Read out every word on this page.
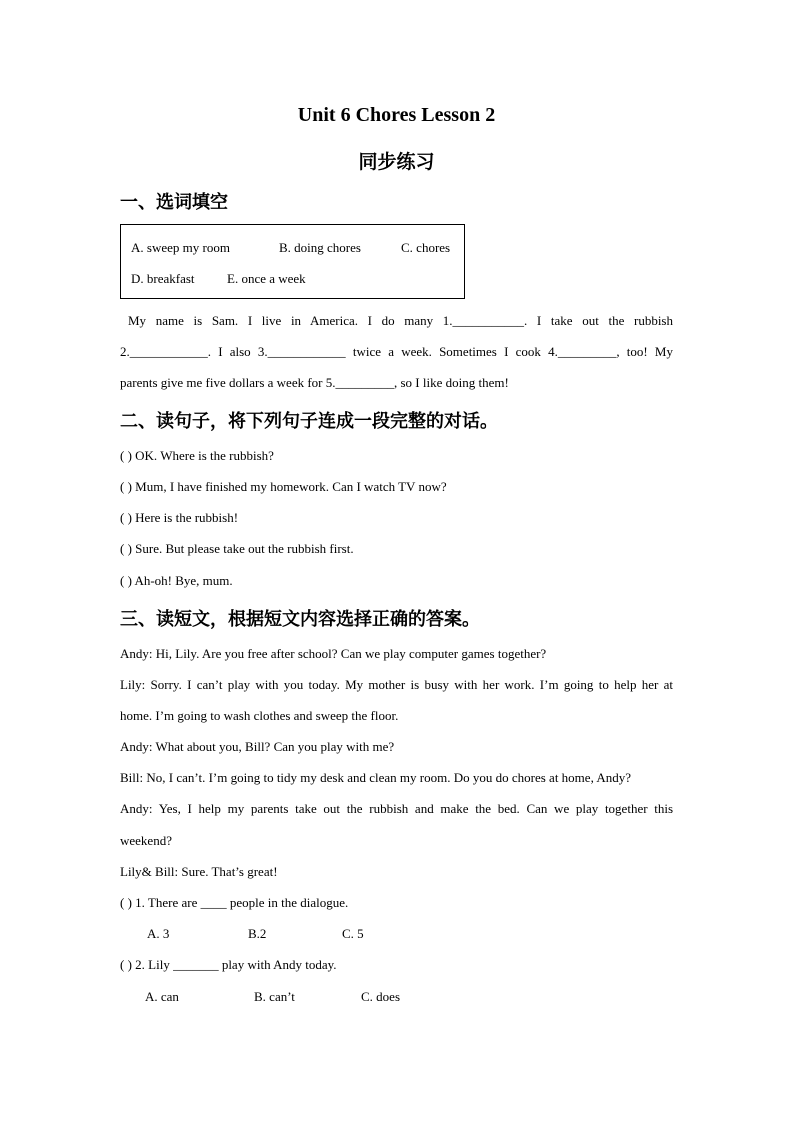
Unit 6 Chores Lesson 2
同步练习
一、选词填空
A. sweep my room	B. doing chores	C. chores
D. breakfast E. once a week
My name is Sam. I live in America. I do many 1.___________. I take out the rubbish
2.____________. I also 3.____________ twice a week. Sometimes I cook 4._________, too! My
parents give me five dollars a week for 5._________, so I like doing them!
二、读句子，将下列句子连成一段完整的对话。
( ) OK. Where is the rubbish?
( ) Mum, I have finished my homework. Can I watch TV now?
( ) Here is the rubbish!
( ) Sure. But please take out the rubbish first.
( ) Ah-oh! Bye, mum.
三、读短文，根据短文内容选择正确的答案。
Andy: Hi, Lily. Are you free after school? Can we play computer games together?
Lily: Sorry. I can’t play with you today. My mother is busy with her work. I’m going to help her at
home. I’m going to wash clothes and sweep the floor.
Andy: What about you, Bill? Can you play with me?
Bill: No, I can’t. I’m going to tidy my desk and clean my room. Do you do chores at home, Andy?
Andy: Yes, I help my parents take out the rubbish and make the bed. Can we play together this
weekend?
Lily& Bill: Sure. That’s great!
( ) 1. There are ____ people in the dialogue.
A. 3	B.2	C. 5
( ) 2. Lily _______ play with Andy today.
A. can	B. can’t	C. does
